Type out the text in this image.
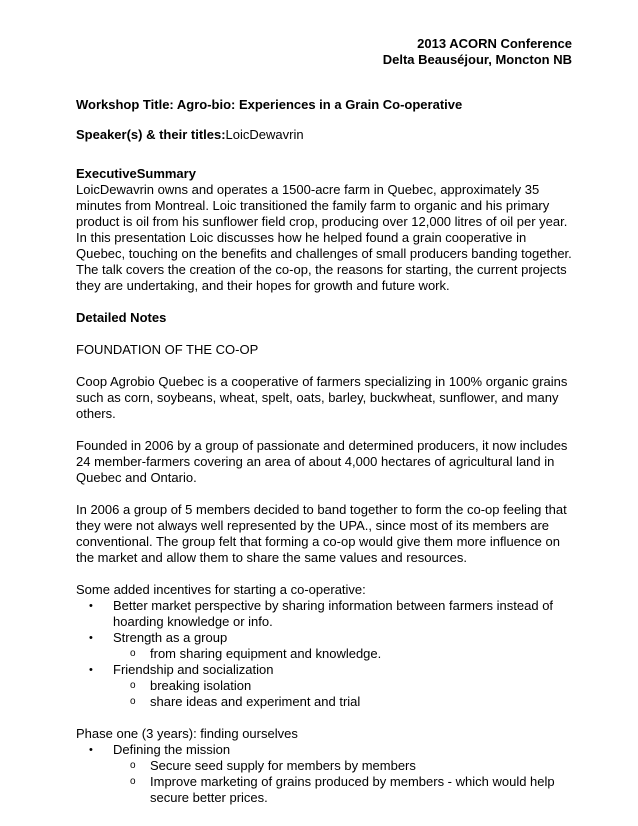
2013 ACORN Conference
Delta Beauséjour, Moncton NB

Workshop Title: Agro-bio: Experiences in a Grain Co-operative

Speaker(s) & their titles:LoicDewavrin

ExecutiveSummary

LoicDewavrin owns and operates a 1500-acre farm in Quebec, approximately 35 minutes from Montreal. Loic transitioned the family farm to organic and his primary product is oil from his sunflower field crop, producing over 12,000 litres of oil per year. In this presentation Loic discusses how he helped found a grain cooperative in Quebec, touching on the benefits and challenges of small producers banding together. The talk covers the creation of the co-op, the reasons for starting, the current projects they are undertaking, and their hopes for growth and future work.

Detailed Notes

FOUNDATION OF THE CO-OP

Coop Agrobio Quebec is a cooperative of farmers specializing in 100% organic grains such as corn, soybeans, wheat, spelt, oats, barley, buckwheat, sunflower, and many others.

Founded in 2006 by a group of passionate and determined producers, it now includes 24 member-farmers covering an area of about 4,000 hectares of agricultural land in Quebec and Ontario.

In 2006 a group of 5 members decided to band together to form the co-op feeling that they were not always well represented by the UPA., since most of its members are conventional. The group felt that forming a co-op would give them more influence on the market and allow them to share the same values and resources.

Some added incentives for starting a co-operative:

• Better market perspective by sharing information between farmers instead of hoarding knowledge or info.
• Strength as a group
o from sharing equipment and knowledge.
• Friendship and socialization
o breaking isolation
o share ideas and experiment and trial

Phase one (3 years): finding ourselves

• Defining the mission
o Secure seed supply for members by members
o Improve marketing of grains produced by members - which would help secure better prices.
